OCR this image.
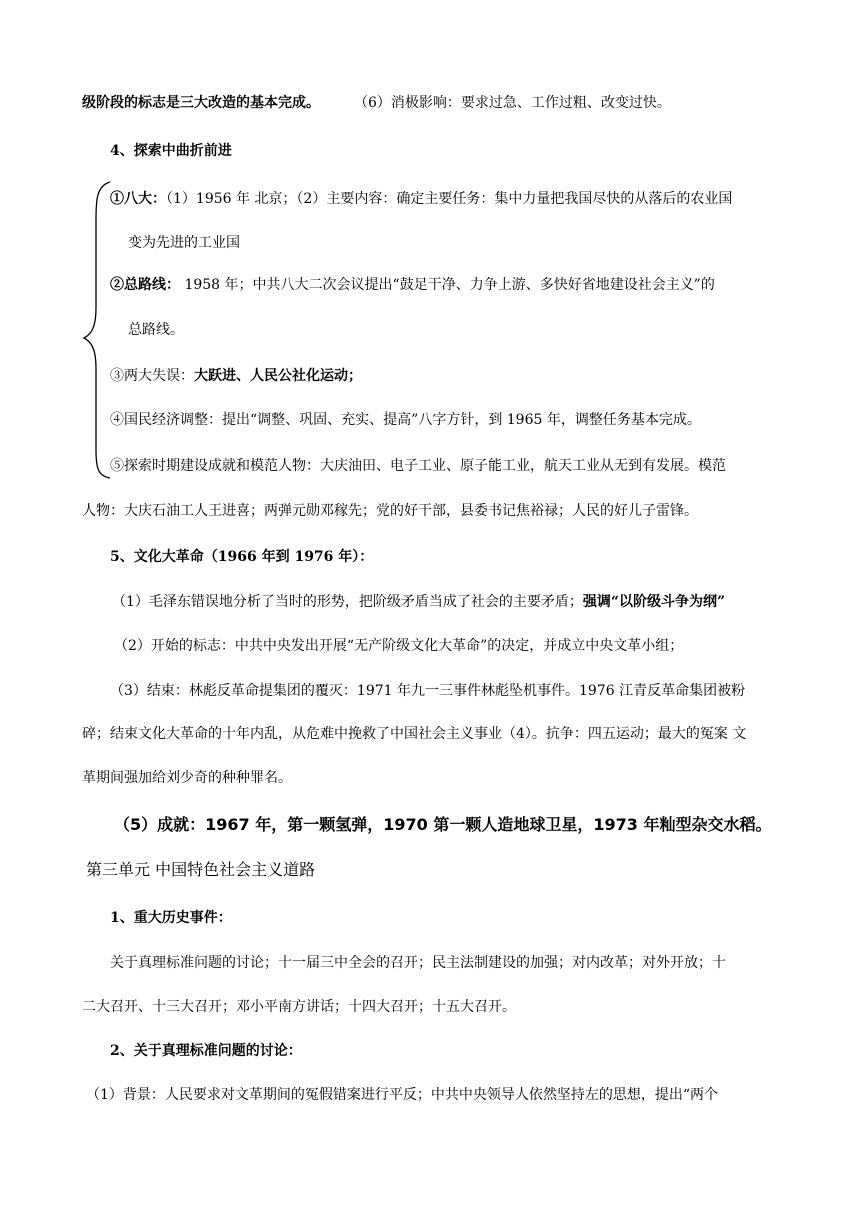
级阶段的标志是三大改造的基本完成。 （6）消极影响：要求过急、工作过粗、改变过快。
4、探索中曲折前进
①八大：（1）1956 年 北京；（2）主要内容：确定主要任务：集中力量把我国尽快的从落后的农业国
变为先进的工业国
②总路线： 1958 年；中共八大二次会议提出“鼓足干净、力争上游、多快好省地建设社会主义”的
总路线。
③两大失误：大跃进、人民公社化运动；
④国民经济调整：提出“调整、巩固、充实、提高”八字方针，到 1965 年，调整任务基本完成。
⑤探索时期建设成就和模范人物：大庆油田、电子工业、原子能工业，航天工业从无到有发展。模范
人物：大庆石油工人王进喜；两弹元勋邓稼先；党的好干部，县委书记焦裕禄；人民的好儿子雷锋。
5、文化大革命（1966 年到 1976 年）：
（1）毛泽东错误地分析了当时的形势，把阶级矛盾当成了社会的主要矛盾；强调“以阶级斗争为纲”
（2）开始的标志：中共中央发出开展“无产阶级文化大革命”的决定，并成立中央文革小组；
（3）结束：林彪反革命提集团的覆灭：1971 年九一三事件林彪坠机事件。1976 江青反革命集团被粉
碎；结束文化大革命的十年内乱，从危难中挽救了中国社会主义事业（4）。抗争：四五运动；最大的冤案 文
革期间强加给刘少奇的种种罪名。
（5）成就：1967 年，第一颗氢弹，1970 第一颗人造地球卫星，1973 年籼型杂交水稻。
第三单元 中国特色社会主义道路
1、重大历史事件：
关于真理标准问题的讨论；十一届三中全会的召开；民主法制建设的加强；对内改革；对外开放；十
二大召开、十三大召开；邓小平南方讲话；十四大召开；十五大召开。
2、关于真理标准问题的讨论：
（1）背景：人民要求对文革期间的冤假错案进行平反；中共中央领导人依然坚持左的思想，提出“两个
